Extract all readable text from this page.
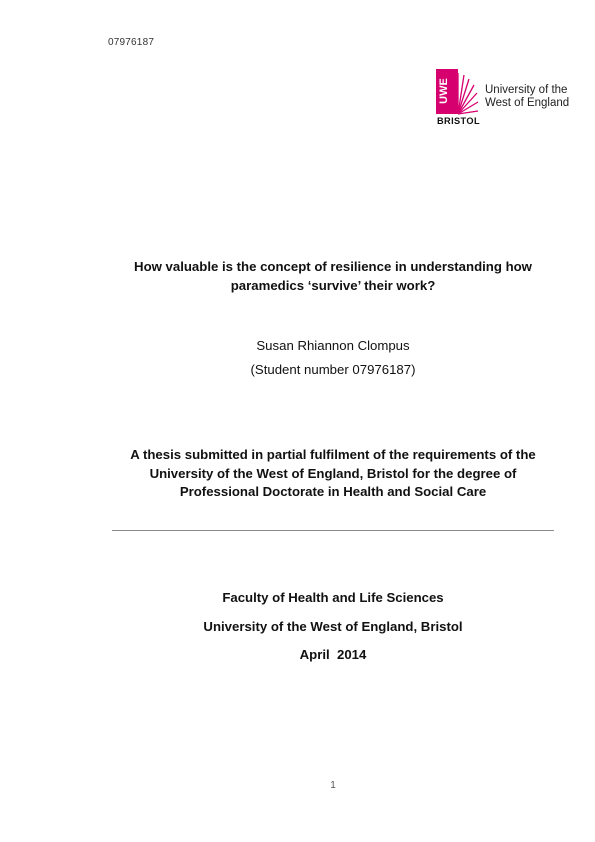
07976187
UWE
BRISTOL
University of the
West of England
How valuable is the concept of resilience in understanding how
paramedics ‘survive’ their work?
Susan Rhiannon Clompus
(Student number 07976187)
A thesis submitted in partial fulfilment of the requirements of the
University of the West of England, Bristol for the degree of
Professional Doctorate in Health and Social Care
Faculty of Health and Life Sciences
University of the West of England, Bristol
April  2014
1
